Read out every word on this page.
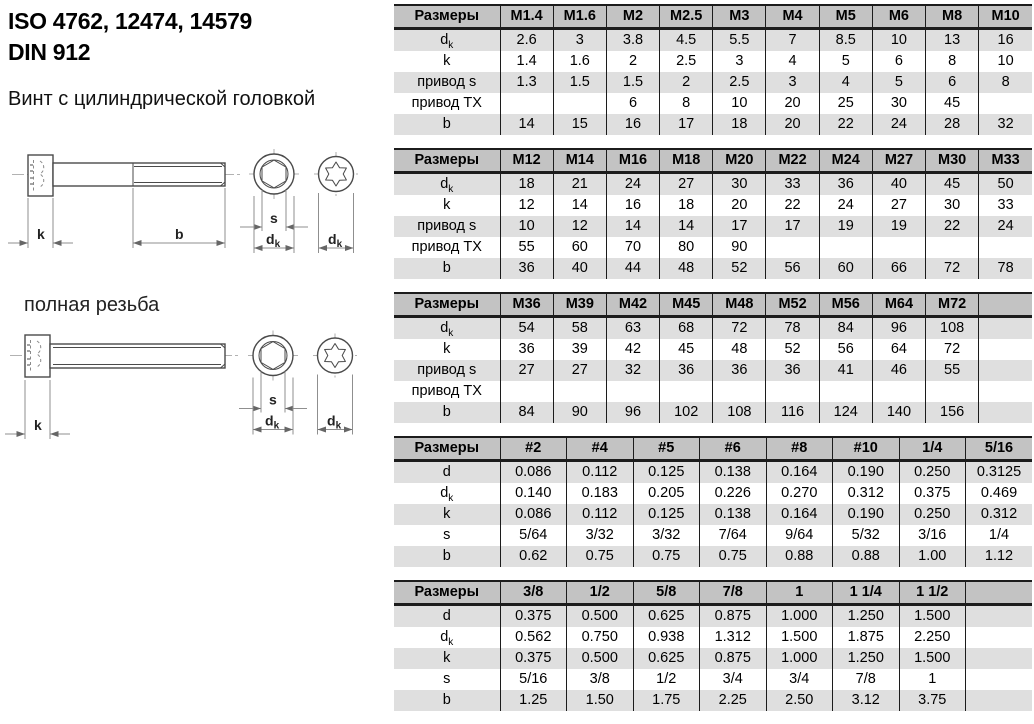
ISO 4762, 12474, 14579
DIN 912
Винт с цилиндрической головкой
k	b
s
$d_k$	$d_k$
полная резьба
k
Размеры	M1.4	M1.6	M2	M2.5	M3	M4	M5	M6	M8	M10
$d_k$	2.6	3	3.8	4.5	5.5	7	8.5	10	13	16
k	1.4	1.6	2	2.5	3	4	5	6	8	10
привод s	1.3	1.5	1.5	2	2.5	3	4	5	6	8
привод TX			6	8	10	20	25	30	45	
b	14	15	16	17	18	20	22	24	28	32
Размеры	M12	M14	M16	M18	M20	M22	M24	M27	M30	M33
$d_k$	18	21	24	27	30	33	36	40	45	50
k	12	14	16	18	20	22	24	27	30	33
привод s	10	12	14	14	17	17	19	19	22	24
привод TX	55	60	70	80	90					
b	36	40	44	48	52	56	60	66	72	78
Размеры	M36	M39	M42	M45	M48	M52	M56	M64	M72	
$d_k$	54	58	63	68	72	78	84	96	108	
k	36	39	42	45	48	52	56	64	72	
привод s	27	27	32	36	36	36	41	46	55	
привод TX										
b	84	90	96	102	108	116	124	140	156	
Размеры	#2	#4	#5	#6	#8	#10	1/4	5/16
d	0.086	0.112	0.125	0.138	0.164	0.190	0.250	0.3125
$d_k$	0.140	0.183	0.205	0.226	0.270	0.312	0.375	0.469
k	0.086	0.112	0.125	0.138	0.164	0.190	0.250	0.312
s	5/64	3/32	3/32	7/64	9/64	5/32	3/16	1/4
b	0.62	0.75	0.75	0.75	0.88	0.88	1.00	1.12
Размеры	3/8	1/2	5/8	7/8	1	1 1/4	1 1/2	
d	0.375	0.500	0.625	0.875	1.000	1.250	1.500	
$d_k$	0.562	0.750	0.938	1.312	1.500	1.875	2.250	
k	0.375	0.500	0.625	0.875	1.000	1.250	1.500	
s	5/16	3/8	1/2	3/4	3/4	7/8	1	
b	1.25	1.50	1.75	2.25	2.50	3.12	3.75	
